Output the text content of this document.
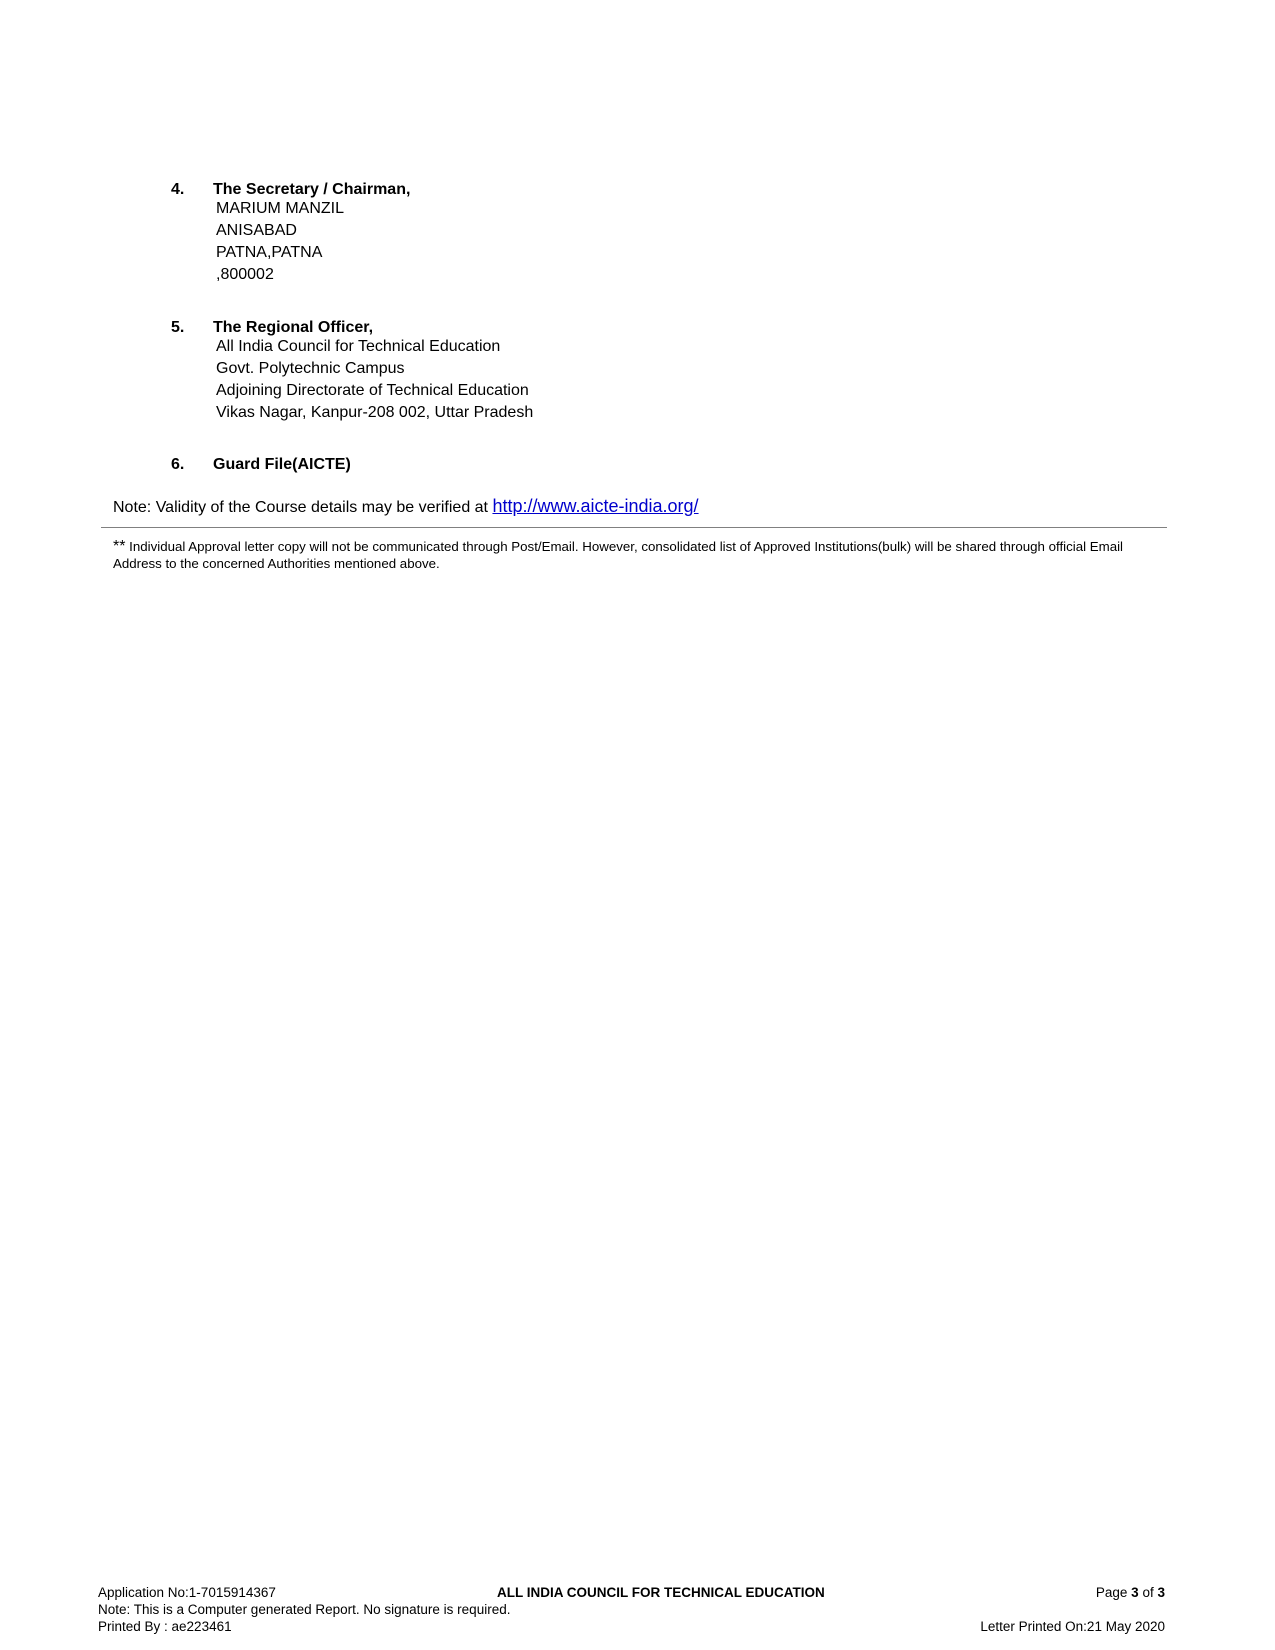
4. The Secretary / Chairman,
MARIUM MANZIL
ANISABAD
PATNA,PATNA
,800002
5. The Regional Officer,
All India Council for Technical Education
Govt. Polytechnic Campus
Adjoining Directorate of Technical Education
Vikas Nagar, Kanpur-208 002, Uttar Pradesh
6. Guard File(AICTE)
Note: Validity of the Course details may be verified at http://www.aicte-india.org/
** Individual Approval letter copy will not be communicated through Post/Email. However, consolidated list of Approved Institutions(bulk) will be shared through official Email Address to the concerned Authorities mentioned above.
Application No:1-7015914367	ALL INDIA COUNCIL FOR TECHNICAL EDUCATION	Page 3 of 3
Note: This is a Computer generated Report. No signature is required.
Printed By : ae223461	Letter Printed On:21 May 2020
